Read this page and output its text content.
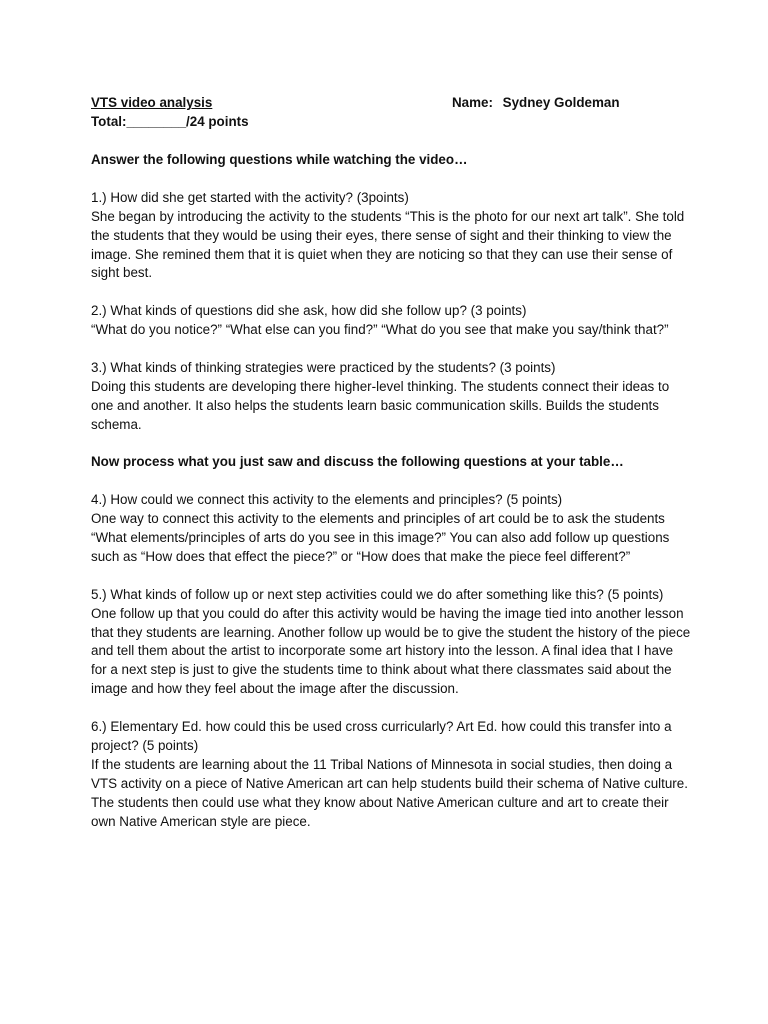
VTS video analysis	Name: Sydney Goldeman
Total:________/24 points

Answer the following questions while watching the video…

1.) How did she get started with the activity? (3points)

She began by introducing the activity to the students “This is the photo for our next art talk”. She told the students that they would be using their eyes, there sense of sight and their thinking to view the image. She remined them that it is quiet when they are noticing so that they can use their sense of sight best.

2.) What kinds of questions did she ask, how did she follow up? (3 points)

“What do you notice?” “What else can you find?” “What do you see that make you say/think that?”

3.) What kinds of thinking strategies were practiced by the students? (3 points)

Doing this students are developing there higher-level thinking. The students connect their ideas to one and another. It also helps the students learn basic communication skills. Builds the students schema.

Now process what you just saw and discuss the following questions at your table…

4.) How could we connect this activity to the elements and principles? (5 points)

One way to connect this activity to the elements and principles of art could be to ask the students “What elements/principles of arts do you see in this image?” You can also add follow up questions such as “How does that effect the piece?” or “How does that make the piece feel different?”

5.) What kinds of follow up or next step activities could we do after something like this? (5 points)

One follow up that you could do after this activity would be having the image tied into another lesson that they students are learning. Another follow up would be to give the student the history of the piece and tell them about the artist to incorporate some art history into the lesson. A final idea that I have for a next step is just to give the students time to think about what there classmates said about the image and how they feel about the image after the discussion.

6.) Elementary Ed. how could this be used cross curricularly? Art Ed. how could this transfer into a project? (5 points)

If the students are learning about the 11 Tribal Nations of Minnesota in social studies, then doing a VTS activity on a piece of Native American art can help students build their schema of Native culture. The students then could use what they know about Native American culture and art to create their own Native American style are piece.
